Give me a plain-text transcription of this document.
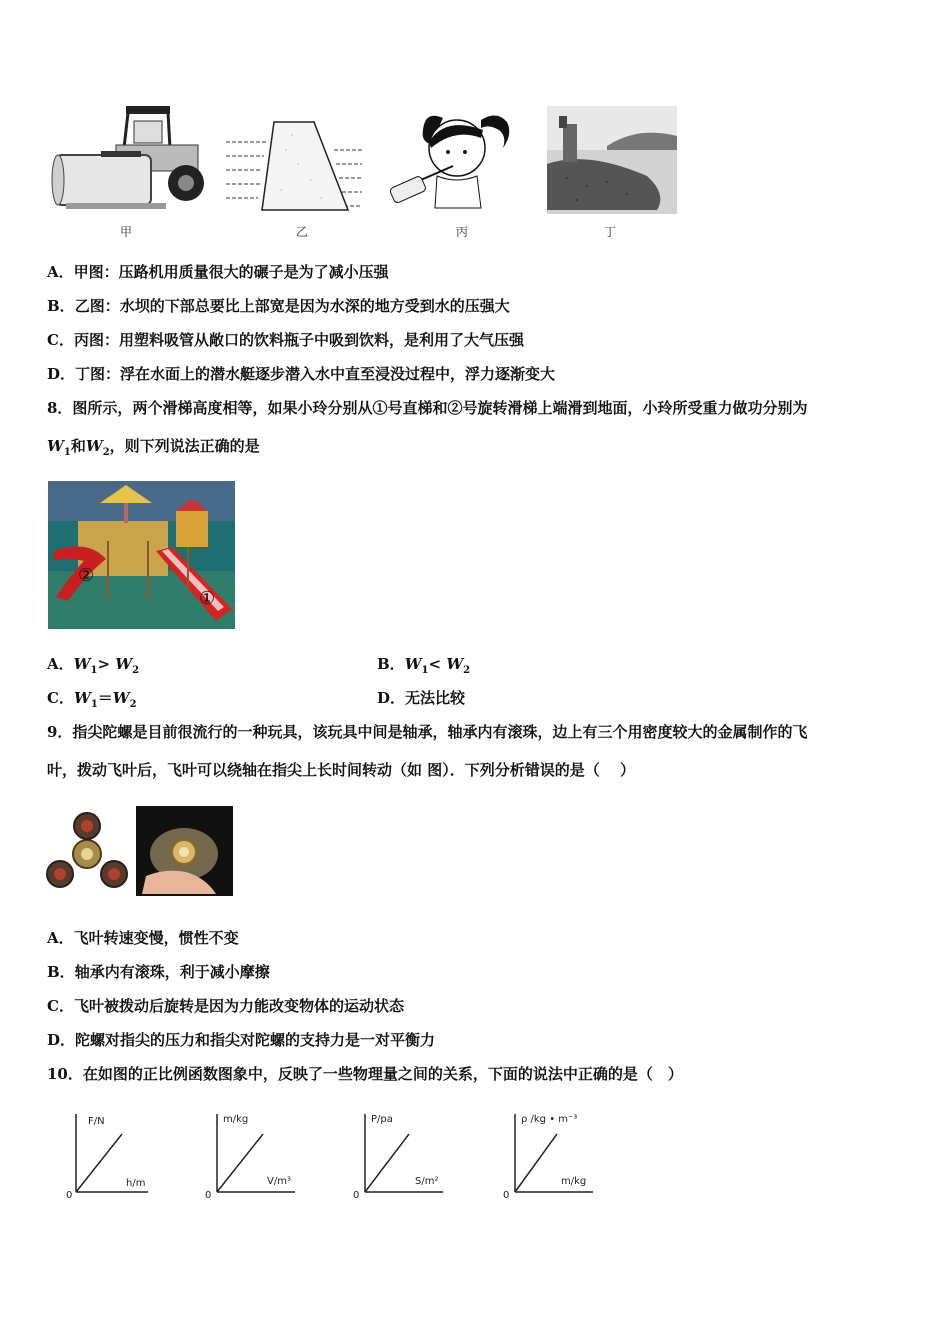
甲	乙	丙	丁
A．甲图：压路机用质量很大的碾子是为了减小压强
B．乙图：水坝的下部总要比上部宽是因为水深的地方受到水的压强大
C．丙图：用塑料吸管从敞口的饮料瓶子中吸到饮料，是利用了大气压强
D．丁图：浮在水面上的潜水艇逐步潜入水中直至浸没过程中，浮力逐渐变大
8．图所示，两个滑梯高度相等，如果小玲分别从①号直梯和②号旋转滑梯上端滑到地面，小玲所受重力做功分别为
$W_1$和$W_2$，则下列说法正确的是
②
①
A．$W_1> W_2$	B．$W_1< W_2$
C．$W_1=W_2$	D．无法比较
9．指尖陀螺是目前很流行的一种玩具，该玩具中间是轴承，轴承内有滚珠，边上有三个用密度较大的金属制作的飞
叶，拨动飞叶后，飞叶可以绕轴在指尖上长时间转动（如 图）．下列分析错误的是（　 ）
A．飞叶转速变慢，惯性不变
B．轴承内有滚珠，利于减小摩擦
C．飞叶被拨动后旋转是因为力能改变物体的运动状态
D．陀螺对指尖的压力和指尖对陀螺的支持力是一对平衡力
10．在如图的正比例函数图象中，反映了一些物理量之间的关系，下面的说法中正确的是（　）
F/N
h/m
0
m/kg
V/m³
0
P/pa
S/m²
0
ρ /kg • m⁻³
m/kg
0
